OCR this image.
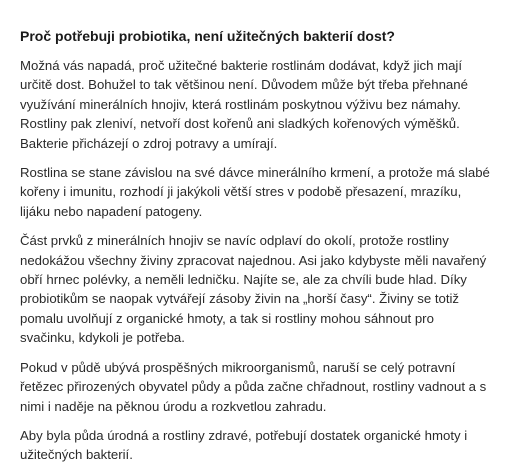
Proč potřebuji probiotika, není užitečných bakterií dost?

Možná vás napadá, proč užitečné bakterie rostlinám dodávat, když jich mají určitě dost. Bohužel to tak většinou není. Důvodem může být třeba přehnané využívání minerálních hnojiv, která rostlinám poskytnou výživu bez námahy. Rostliny pak zleniví, netvoří dost kořenů ani sladkých kořenových výměšků. Bakterie přicházejí o zdroj potravy a umírají.

Rostlina se stane závislou na své dávce minerálního krmení, a protože má slabé kořeny i imunitu, rozhodí ji jakýkoli větší stres v podobě přesazení, mrazíku, lijáku nebo napadení patogeny.

Část prvků z minerálních hnojiv se navíc odplaví do okolí, protože rostliny nedokážou všechny živiny zpracovat najednou. Asi jako kdybyste měli navařený obří hrnec polévky, a neměli ledničku. Najíte se, ale za chvíli bude hlad. Díky probiotikům se naopak vytvářejí zásoby živin na „horší časy“. Živiny se totiž pomalu uvolňují z organické hmoty, a tak si rostliny mohou sáhnout pro svačinku, kdykoli je potřeba.

Pokud v půdě ubývá prospěšných mikroorganismů, naruší se celý potravní řetězec přirozených obyvatel půdy a půda začne chřadnout, rostliny vadnout a s nimi i naděje na pěknou úrodu a rozkvetlou zahradu.

Aby byla půda úrodná a rostliny zdravé, potřebují dostatek organické hmoty i užitečných bakterií.
